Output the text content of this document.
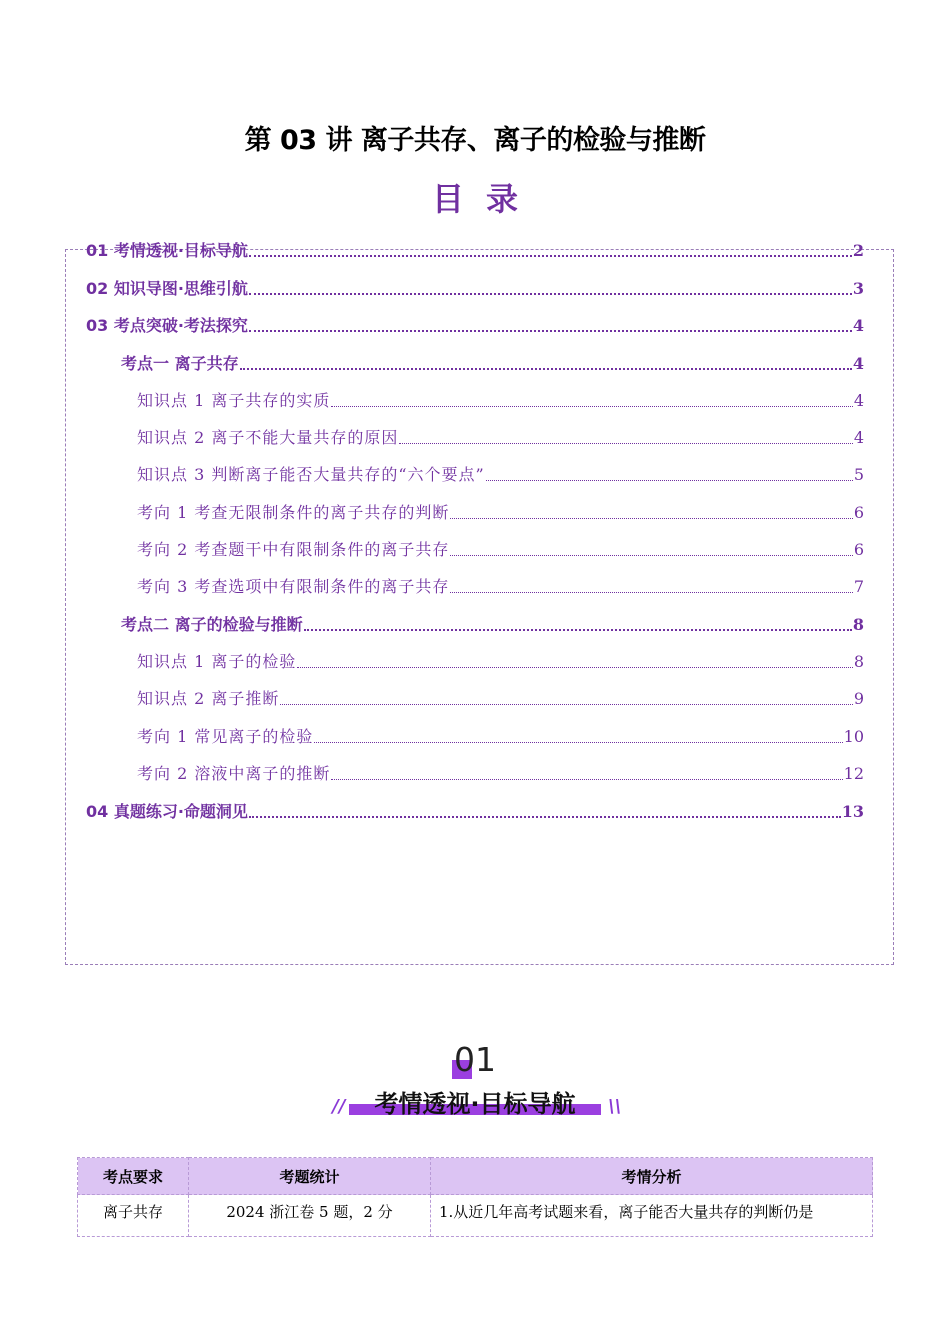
第 03 讲 离子共存、离子的检验与推断
目录
01 考情透视·目标导航	2
02 知识导图·思维引航	3
03 考点突破·考法探究	4
考点一 离子共存	4
知识点 1 离子共存的实质	4
知识点 2 离子不能大量共存的原因	4
知识点 3 判断离子能否大量共存的“六个要点”	5
考向 1 考查无限制条件的离子共存的判断	6
考向 2 考查题干中有限制条件的离子共存	6
考向 3 考查选项中有限制条件的离子共存	7
考点二 离子的检验与推断	8
知识点 1 离子的检验	8
知识点 2 离子推断	9
考向 1 常见离子的检验	10
考向 2 溶液中离子的推断	12
04 真题练习·命题洞见	13
01
//	考情透视·目标导航	\\
考点要求	考题统计	考情分析
离子共存	2024 浙江卷 5 题，2 分	1.从近几年高考试题来看，离子能否大量共存的判断仍是
